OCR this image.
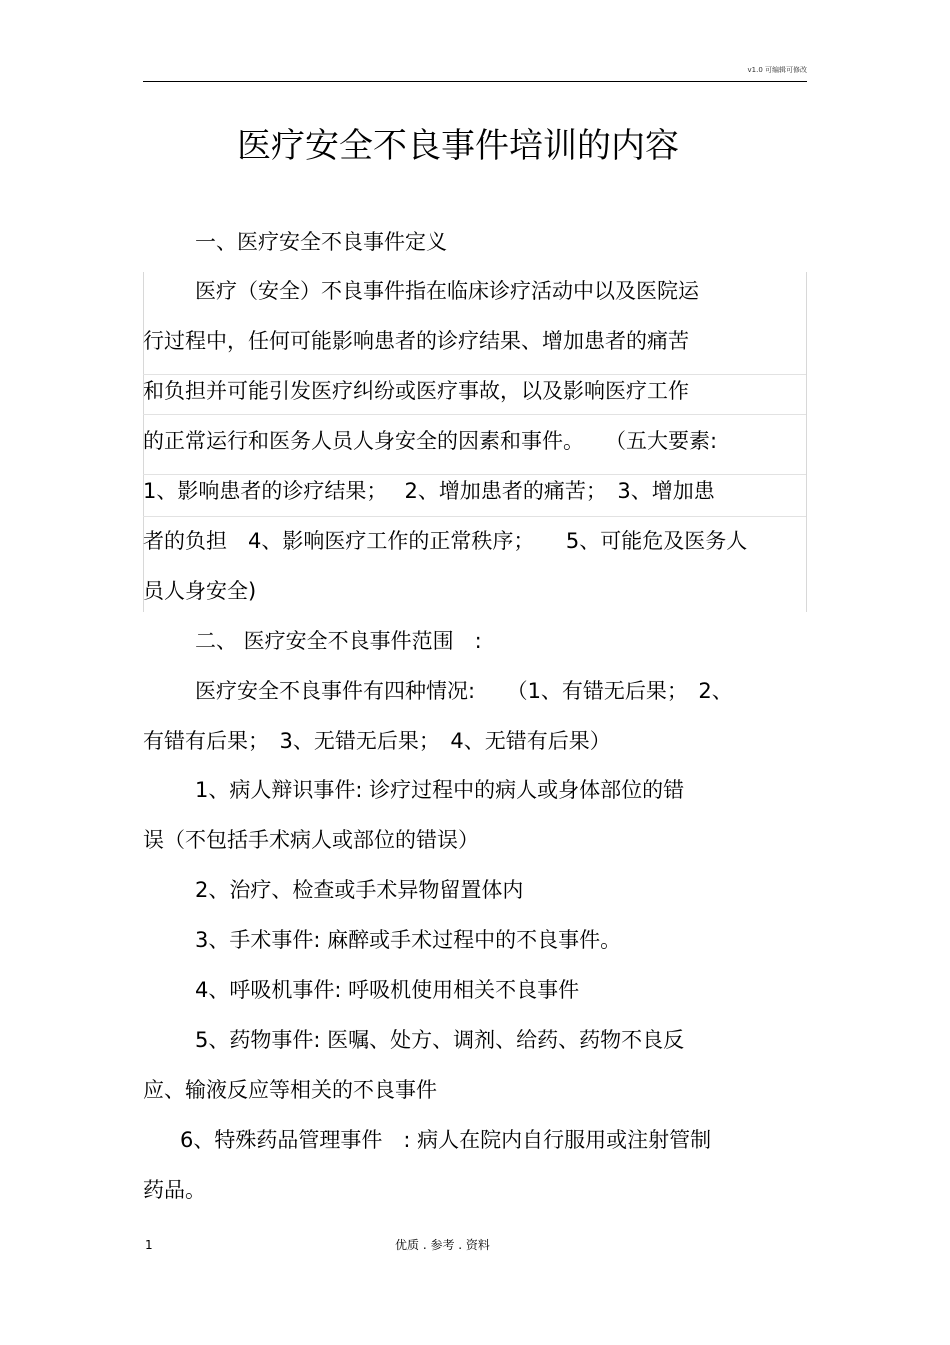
v1.0 可编辑可修改
医疗安全不良事件培训的内容
一、医疗安全不良事件定义
医疗（安全）不良事件指在临床诊疗活动中以及医院运
行过程中，任何可能影响患者的诊疗结果、增加患者的痛苦
和负担并可能引发医疗纠纷或医疗事故，以及影响医疗工作
的正常运行和医务人员人身安全的因素和事件。　　（五大要素:
1、影响患者的诊疗结果；　 2、增加患者的痛苦；　3、增加患
者的负担　4、影响医疗工作的正常秩序；　　5、可能危及医务人
员人身安全)
二、 医疗安全不良事件范围　:
医疗安全不良事件有四种情况:　　（1、有错无后果；　2、
有错有后果；　3、无错无后果；　4、无错有后果）
1、病人辩识事件: 诊疗过程中的病人或身体部位的错
误（不包括手术病人或部位的错误）
2、治疗、检查或手术异物留置体内
3、手术事件: 麻醉或手术过程中的不良事件。
4、呼吸机事件: 呼吸机使用相关不良事件
5、药物事件: 医嘱、处方、调剂、给药、药物不良反
应、输液反应等相关的不良事件
6、特殊药品管理事件　: 病人在院内自行服用或注射管制
药品。
1	优质 . 参考 . 资料
